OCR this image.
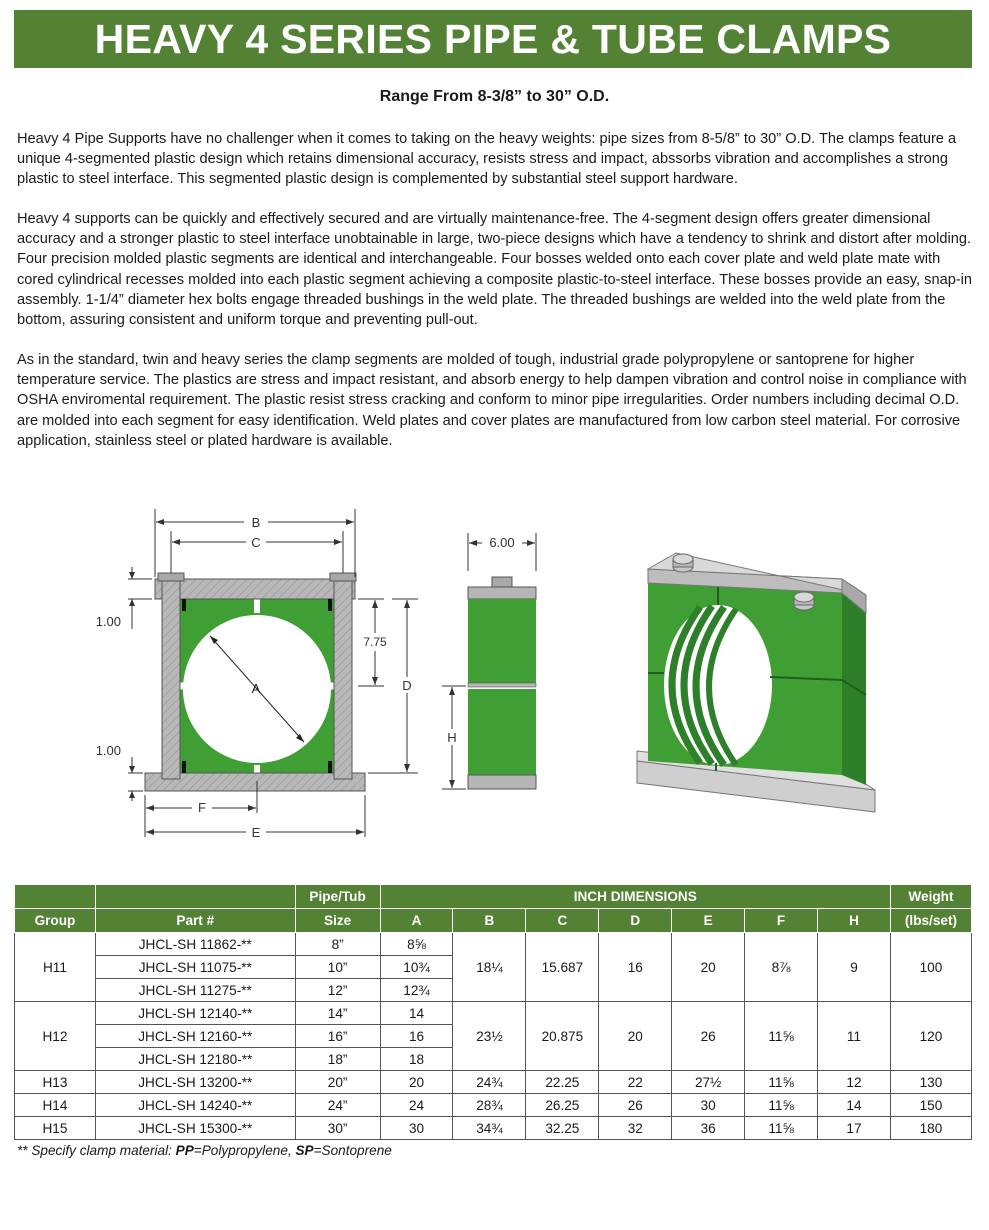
HEAVY 4 SERIES PIPE & TUBE CLAMPS
Range From 8-3/8” to 30” O.D.

Heavy 4 Pipe Supports have no challenger when it comes to taking on the heavy weights: pipe sizes from 8-5/8” to 30” O.D. The clamps feature a unique 4-segmented plastic design which retains dimensional accuracy, resists stress and impact, abssorbs vibration and accomplishes a strong plastic to steel interface. This segmented plastic design is complemented by substantial steel support hardware.

Heavy 4 supports can be quickly and effectively secured and are virtually maintenance-free. The 4-segment design offers greater dimensional accuracy and a stronger plastic to steel interface unobtainable in large, two-piece designs which have a tendency to shrink and distort after molding. Four precision molded plastic segments are identical and interchangeable. Four bosses welded onto each cover plate and weld plate mate with cored cylindrical recesses molded into each plastic segment achieving a composite plastic-to-steel interface. These bosses provide an easy, snap-in assembly. 1-1/4” diameter hex bolts engage threaded bushings in the weld plate. The threaded bushings are welded into the weld plate from the bottom, assuring consistent and uniform torque and preventing pull-out.

As in the standard, twin and heavy series the clamp segments are molded of tough, industrial grade polypropylene or santoprene for higher temperature service. The plastics are stress and impact resistant, and absorb energy to help dampen vibration and control noise in compliance with OSHA enviromental requirement. The plastic resist stress cracking and conform to minor pipe irregularities. Order numbers including decimal O.D. are molded into each segment for easy identification. Weld plates and cover plates are manufactured from low carbon steel material. For corrosive application, stainless steel or plated hardware is available.

A
B
C
1.00
1.00
7.75
D
F
E
6.00
H
		Pipe/Tub	INCH DIMENSIONS							Weight
Group	Part #	Size	A	B	C	D	E	F	H	(lbs/set)
H11	JHCL-SH 11862-**	8”	8⅝	18¼	15.687	16	20	8⅞	9	100
	JHCL-SH 11075-**	10”	10¾							
	JHCL-SH 11275-**	12”	12¾							
H12	JHCL-SH 12140-**	14”	14	23½	20.875	20	26	11⅝	11	120
	JHCL-SH 12160-**	16”	16							
	JHCL-SH 12180-**	18”	18							
H13	JHCL-SH 13200-**	20”	20	24¾	22.25	22	27½	11⅝	12	130
H14	JHCL-SH 14240-**	24”	24	28¾	26.25	26	30	11⅝	14	150
H15	JHCL-SH 15300-**	30”	30	34¾	32.25	32	36	11⅝	17	180
** Specify clamp material: PP=Polypropylene, SP=Sontoprene
